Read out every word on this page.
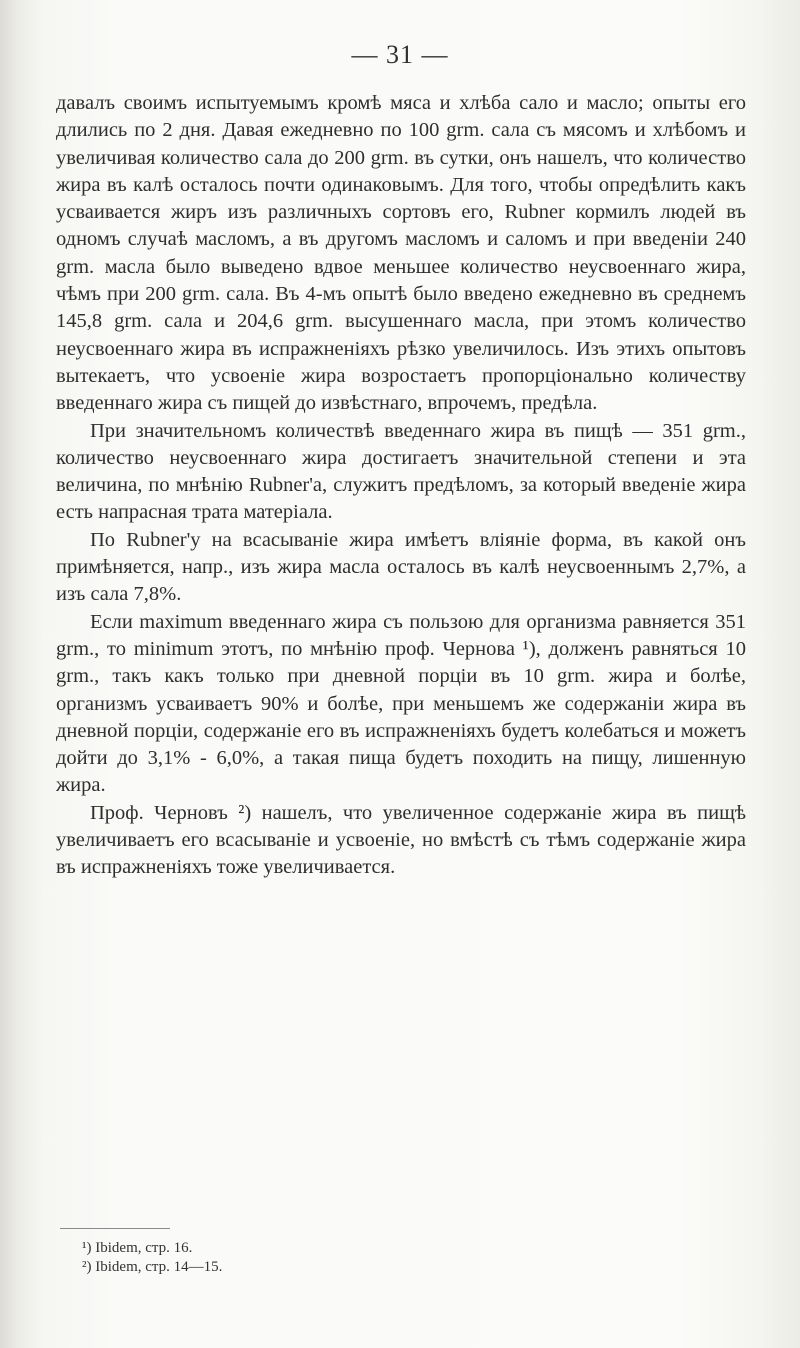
— 31 —

давалъ своимъ испытуемымъ кромѣ мяса и хлѣба сало и масло; опыты его длились по 2 дня. Давая ежедневно по 100 grm. сала съ мясомъ и хлѣбомъ и увеличивая количество сала до 200 grm. въ сутки, онъ нашелъ, что количество жира въ калѣ осталось почти одинаковымъ. Для того, чтобы опредѣлить какъ усваивается жиръ изъ различныхъ сортовъ его, Rubner кормилъ людей въ одномъ случаѣ масломъ, а въ другомъ масломъ и саломъ и при введеніи 240 grm. масла было выведено вдвое меньшее количество неусвоеннаго жира, чѣмъ при 200 grm. сала. Въ 4-мъ опытѣ было введено ежедневно въ среднемъ 145,8 grm. сала и 204,6 grm. высушеннаго масла, при этомъ количество неусвоеннаго жира въ испражненіяхъ рѣзко увеличилось. Изъ этихъ опытовъ вытекаетъ, что усвоеніе жира возростаетъ пропорціонально количеству введеннаго жира съ пищей до извѣстнаго, впрочемъ, предѣла.

При значительномъ количествѣ введеннаго жира въ пищѣ — 351 grm., количество неусвоеннаго жира достигаетъ значительной степени и эта величина, по мнѣнію Rubner'а, служитъ предѣломъ, за который введеніе жира есть напрасная трата матеріала.

По Rubner'у на всасываніе жира имѣетъ вліяніе форма, въ какой онъ примѣняется, напр., изъ жира масла осталось въ калѣ неусвоеннымъ 2,7%, а изъ сала 7,8%.

Если maximum введеннаго жира съ пользою для организма равняется 351 grm., то minimum этотъ, по мнѣнію проф. Чернова ¹), долженъ равняться 10 grm., такъ какъ только при дневной порціи въ 10 grm. жира и болѣе, организмъ усваиваетъ 90% и болѣе, при меньшемъ же содержаніи жира въ дневной порціи, содержаніе его въ испражненіяхъ будетъ колебаться и можетъ дойти до 3,1% - 6,0%, а такая пища будетъ походить на пищу, лишенную жира.

Проф. Черновъ ²) нашелъ, что увеличенное содержаніе жира въ пищѣ увеличиваетъ его всасываніе и усвоеніе, но вмѣстѣ съ тѣмъ содержаніе жира въ испражненіяхъ тоже увеличивается.

¹) Ibidem, стр. 16.

²) Ibidem, стр. 14—15.
